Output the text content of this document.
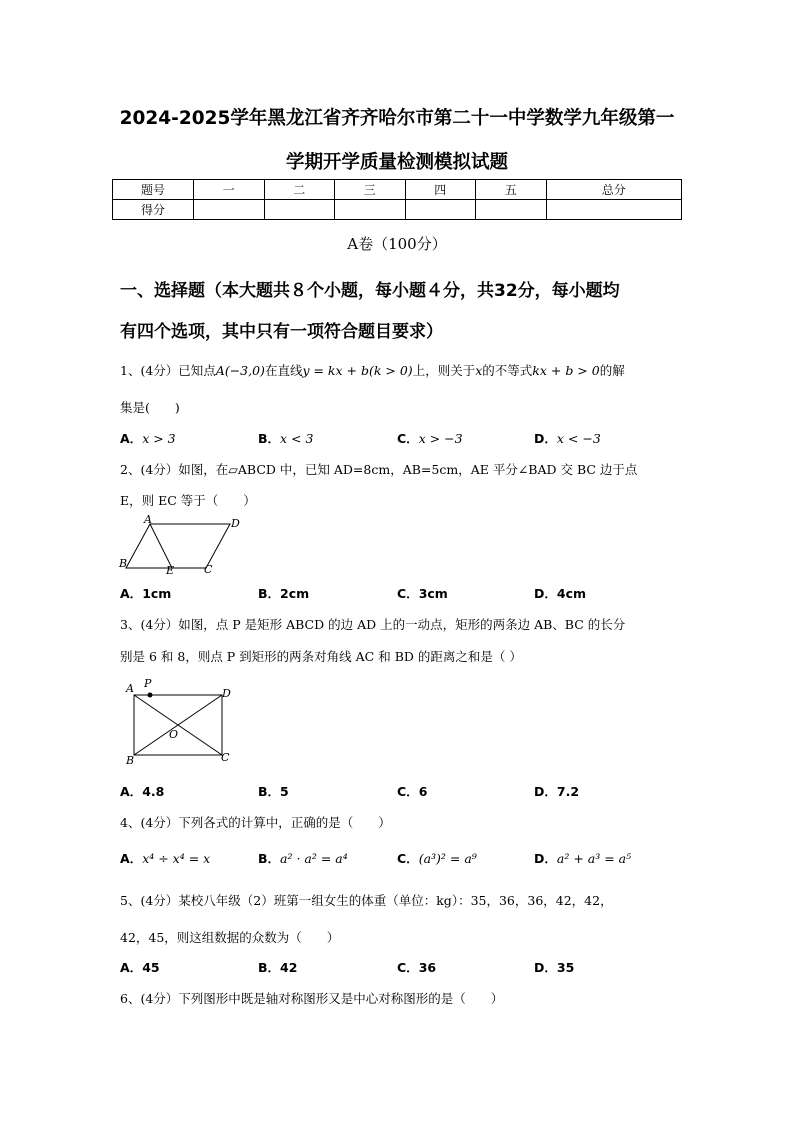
2024-2025学年黑龙江省齐齐哈尔市第二十一中学数学九年级第一
学期开学质量检测模拟试题
题号	一	二	三	四	五	总分
得分						
A卷（100分）
一、选择题（本大题共８个小题，每小题４分，共32分，每小题均
有四个选项，其中只有一项符合题目要求）
1、(4分）已知点A(−3,0)在直线y = kx + b(k > 0)上，则关于x的不等式kx + b > 0的解
集是(　　)
A．x > 3	B．x < 3	C．x > −3	D．x < −3
2、(4分）如图，在▱ABCD 中，已知 AD=8cm，AB=5cm，AE 平分∠BAD 交 BC 边于点
E，则 EC 等于（　　）
A	D
B
E	C
A．1cm	B．2cm	C．3cm	D．4cm
3、(4分）如图，点 P 是矩形 ABCD 的边 AD 上的一动点，矩形的两条边 AB、BC 的长分
别是 6 和 8，则点 P 到矩形的两条对角线 AC 和 BD 的距离之和是（ ）
A P
D
O
B	C
A．4.8	B．5	C．6	D．7.2
4、(4分）下列各式的计算中，正确的是（　　）
A．x⁴ ÷ x⁴ = x	B．a² · a² = a⁴	C．(a³)² = a⁹	D．a² + a³ = a⁵
5、(4分）某校八年级（2）班第一组女生的体重（单位：kg）：35，36，36，42，42，
42，45，则这组数据的众数为（　　）
A．45	B．42	C．36	D．35
6、(4分）下列图形中既是轴对称图形又是中心对称图形的是（　　）
